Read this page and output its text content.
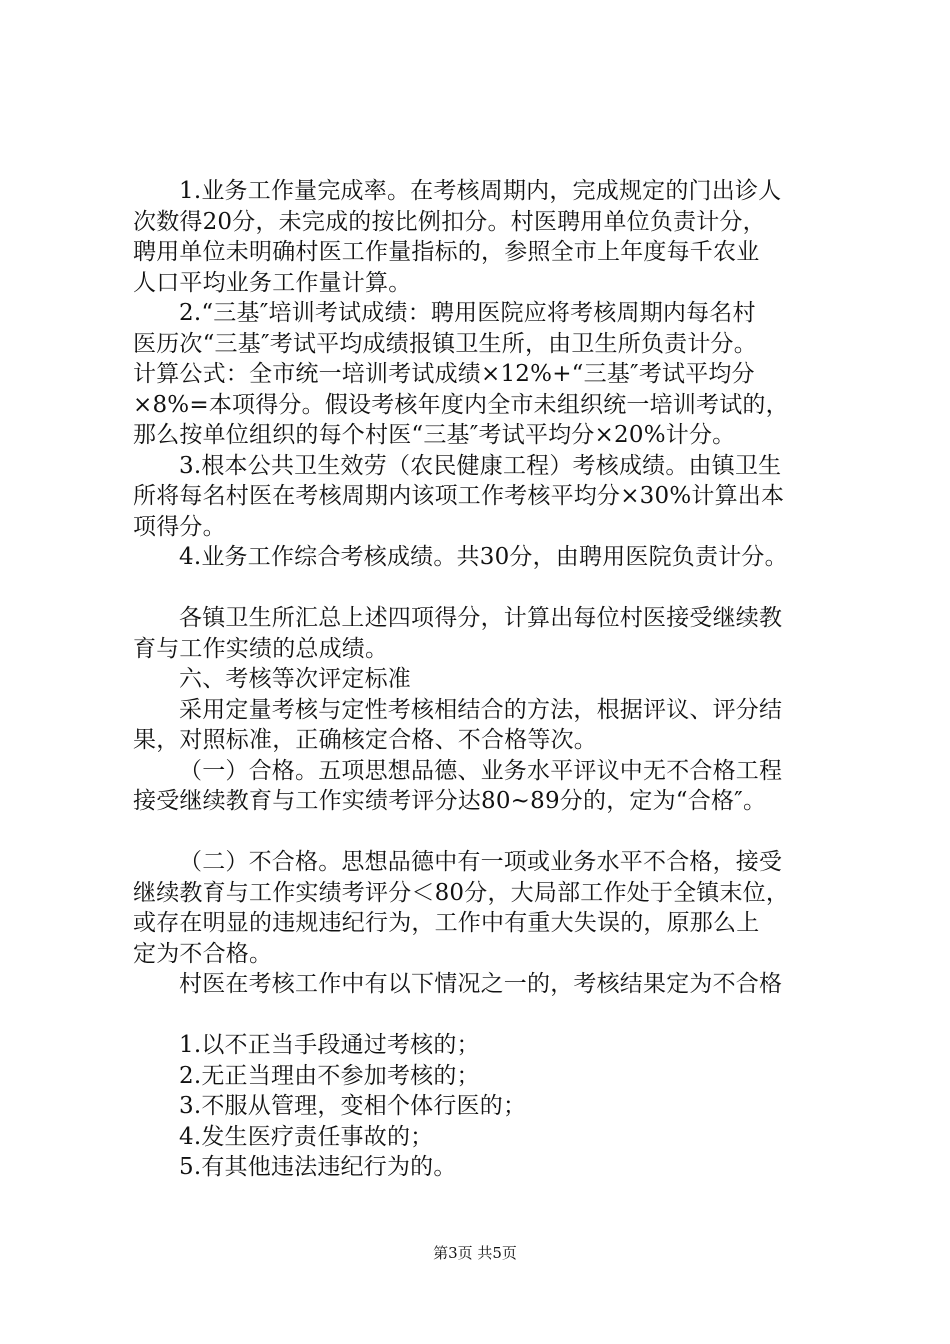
1.业务工作量完成率。在考核周期内，完成规定的门出诊人
次数得20分，未完成的按比例扣分。村医聘用单位负责计分，
聘用单位未明确村医工作量指标的，参照全市上年度每千农业
人口平均业务工作量计算。
2.“三基″培训考试成绩：聘用医院应将考核周期内每名村
医历次“三基″考试平均成绩报镇卫生所，由卫生所负责计分。
计算公式：全市统一培训考试成绩×12%+“三基″考试平均分
×8%=本项得分。假设考核年度内全市未组织统一培训考试的，
那么按单位组织的每个村医“三基″考试平均分×20%计分。
3.根本公共卫生效劳（农民健康工程）考核成绩。由镇卫生
所将每名村医在考核周期内该项工作考核平均分×30%计算出本
项得分。
4.业务工作综合考核成绩。共30分，由聘用医院负责计分。
各镇卫生所汇总上述四项得分，计算出每位村医接受继续教
育与工作实绩的总成绩。
六、考核等次评定标准
采用定量考核与定性考核相结合的方法，根据评议、评分结
果，对照标准，正确核定合格、不合格等次。
（一）合格。五项思想品德、业务水平评议中无不合格工程
接受继续教育与工作实绩考评分达80~89分的，定为“合格″。
（二）不合格。思想品德中有一项或业务水平不合格，接受
继续教育与工作实绩考评分＜80分，大局部工作处于全镇末位，
或存在明显的违规违纪行为，工作中有重大失误的，原那么上
定为不合格。
村医在考核工作中有以下情况之一的，考核结果定为不合格
1.以不正当手段通过考核的；
2.无正当理由不参加考核的；
3.不服从管理，变相个体行医的；
4.发生医疗责任事故的；
5.有其他违法违纪行为的。
第3页 共5页
